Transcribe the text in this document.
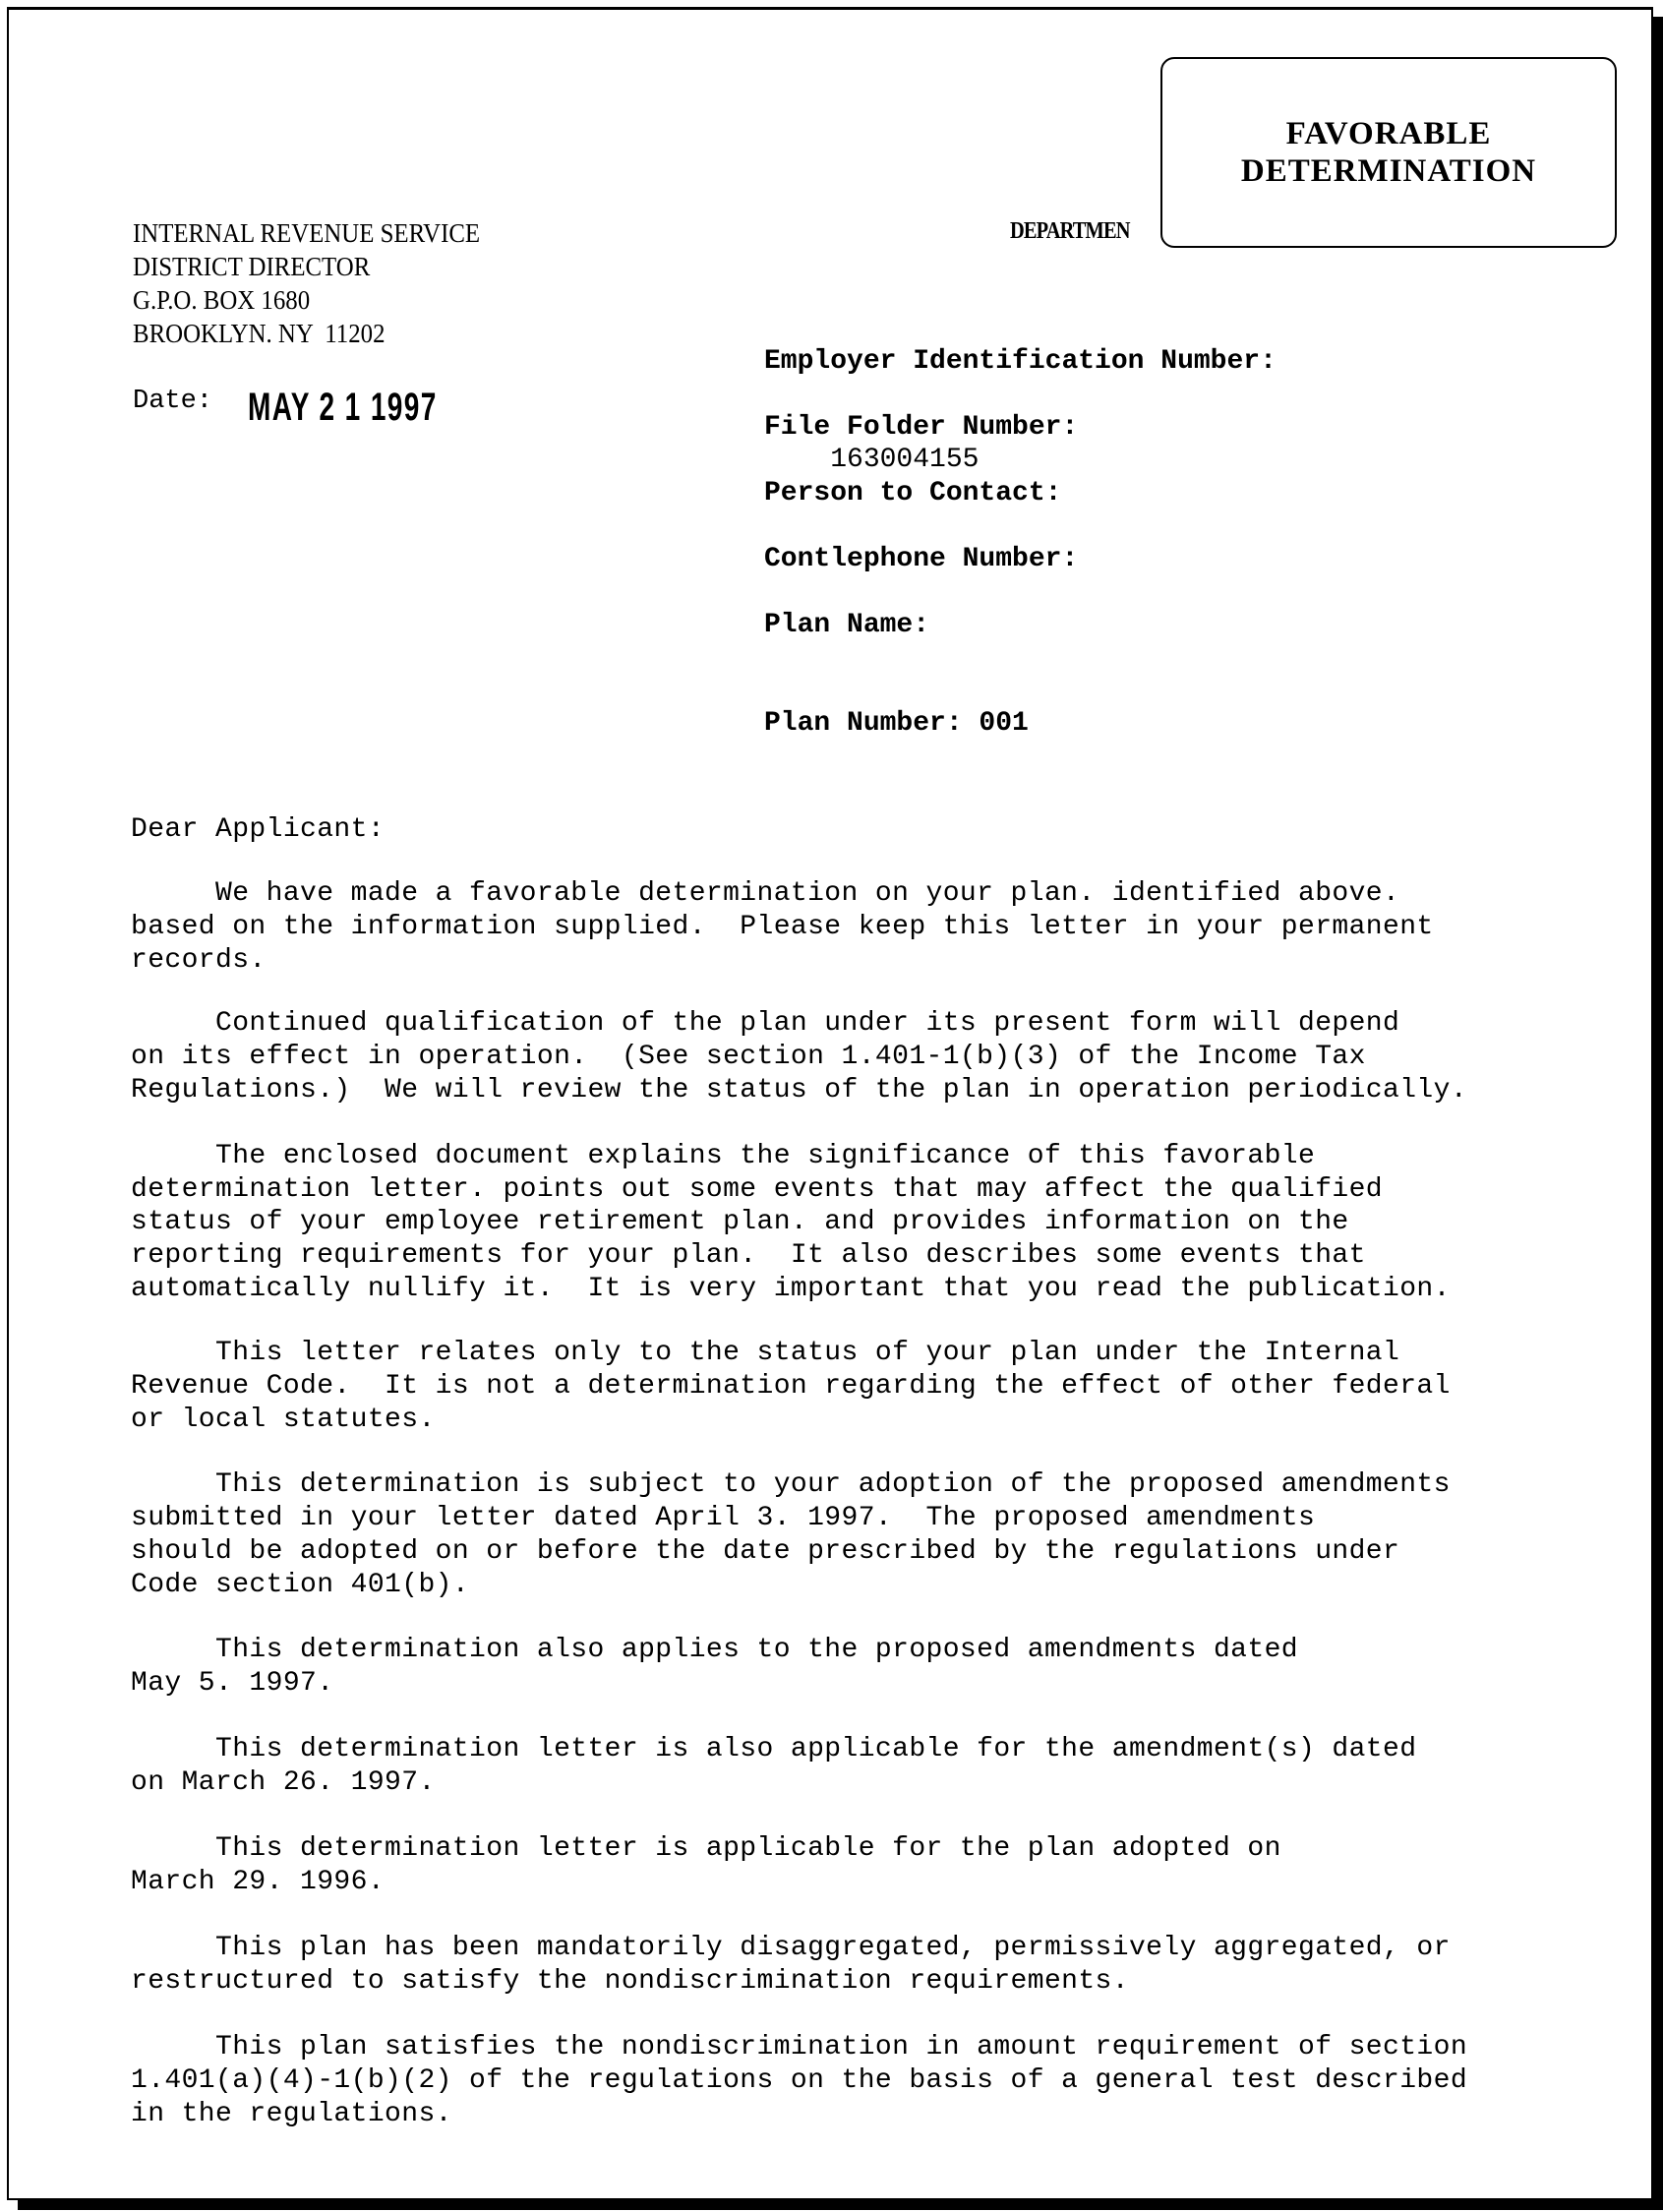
DEPARTMEN
FAVORABLE
DETERMINATION
INTERNAL REVENUE SERVICE
DISTRICT DIRECTOR
G.P.O. BOX 1680
BROOKLYN. NY  11202
Date: MAY 2 1 1997
Employer Identification Number:
File Folder Number:
163004155
Person to Contact:
Contlephone Number:
Plan Name:
Plan Number: 001
Dear Applicant:
We have made a favorable determination on your plan. identified above.
based on the information supplied.  Please keep this letter in your permanent
records.
Continued qualification of the plan under its present form will depend
on its effect in operation.  (See section 1.401-1(b)(3) of the Income Tax
Regulations.)  We will review the status of the plan in operation periodically.
The enclosed document explains the significance of this favorable
determination letter. points out some events that may affect the qualified
status of your employee retirement plan. and provides information on the
reporting requirements for your plan.  It also describes some events that
automatically nullify it.  It is very important that you read the publication.
This letter relates only to the status of your plan under the Internal
Revenue Code.  It is not a determination regarding the effect of other federal
or local statutes.
This determination is subject to your adoption of the proposed amendments
submitted in your letter dated April 3. 1997.  The proposed amendments
should be adopted on or before the date prescribed by the regulations under
Code section 401(b).
This determination also applies to the proposed amendments dated
May 5. 1997.
This determination letter is also applicable for the amendment(s) dated
on March 26. 1997.
This determination letter is applicable for the plan adopted on
March 29. 1996.
This plan has been mandatorily disaggregated, permissively aggregated, or
restructured to satisfy the nondiscrimination requirements.
This plan satisfies the nondiscrimination in amount requirement of section
1.401(a)(4)-1(b)(2) of the regulations on the basis of a general test described
in the regulations.
